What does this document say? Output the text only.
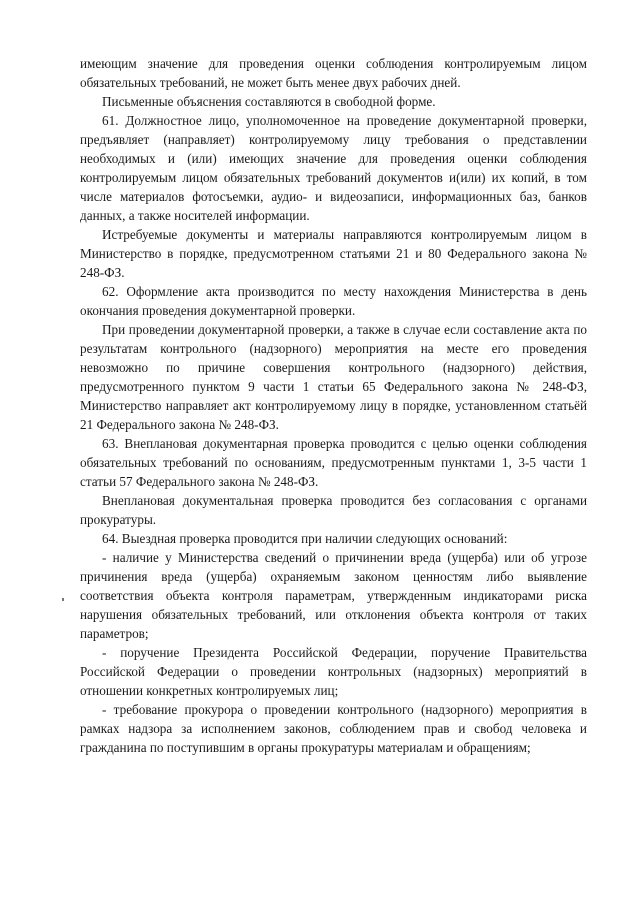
имеющим значение для проведения оценки соблюдения контролируемым лицом обязательных требований, не может быть менее двух рабочих дней.

Письменные объяснения составляются в свободной форме.

61. Должностное лицо, уполномоченное на проведение документарной проверки, предъявляет (направляет) контролируемому лицу требования о представлении необходимых и (или) имеющих значение для проведения оценки соблюдения контролируемым лицом обязательных требований документов и(или) их копий, в том числе материалов фотосъемки, аудио- и видеозаписи, информационных баз, банков данных, а также носителей информации.

Истребуемые документы и материалы направляются контролируемым лицом в Министерство в порядке, предусмотренном статьями 21 и 80 Федерального закона № 248-ФЗ.

62. Оформление акта производится по месту нахождения Министерства в день окончания проведения документарной проверки.

При проведении документарной проверки, а также в случае если составление акта по результатам контрольного (надзорного) мероприятия на месте его проведения невозможно по причине совершения контрольного (надзорного) действия, предусмотренного пунктом 9 части 1 статьи 65 Федерального закона № 248-ФЗ, Министерство направляет акт контролируемому лицу в порядке, установленном статьёй 21 Федерального закона № 248-ФЗ.

63. Внеплановая документарная проверка проводится с целью оценки соблюдения обязательных требований по основаниям, предусмотренным пунктами 1, 3-5 части 1 статьи 57 Федерального закона № 248-ФЗ.

Внеплановая документальная проверка проводится без согласования с органами прокуратуры.

64. Выездная проверка проводится при наличии следующих оснований:

- наличие у Министерства сведений о причинении вреда (ущерба) или об угрозе причинения вреда (ущерба) охраняемым законом ценностям либо выявление соответствия объекта контроля параметрам, утвержденным индикаторами риска нарушения обязательных требований, или отклонения объекта контроля от таких параметров;

- поручение Президента Российской Федерации, поручение Правительства Российской Федерации о проведении контрольных (надзорных) мероприятий в отношении конкретных контролируемых лиц;

- требование прокурора о проведении контрольного (надзорного) мероприятия в рамках надзора за исполнением законов, соблюдением прав и свобод человека и гражданина по поступившим в органы прокуратуры материалам и обращениям;
